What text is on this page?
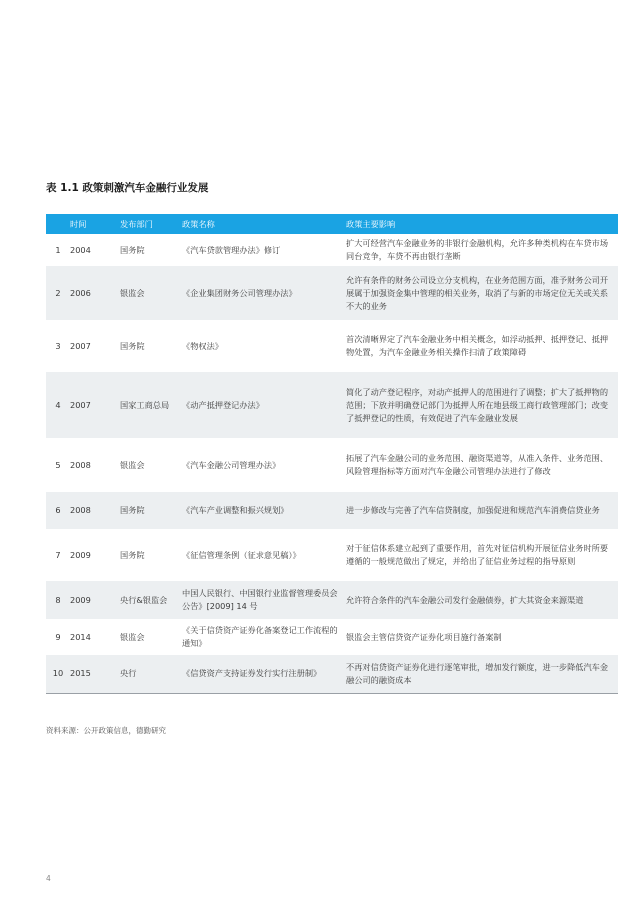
表 1.1 政策刺激汽车金融行业发展
	时间	发布部门	政策名称	政策主要影响
1	2004	国务院	《汽车贷款管理办法》修订	扩大可经营汽车金融业务的非银行金融机构，允许多种类机构在车贷市场同台竞争，车贷不再由银行垄断
2	2006	银监会	《企业集团财务公司管理办法》	允许有条件的财务公司设立分支机构，在业务范围方面，准予财务公司开展属于加强资金集中管理的相关业务，取消了与新的市场定位无关或关系不大的业务
3	2007	国务院	《物权法》	首次清晰界定了汽车金融业务中相关概念，如浮动抵押、抵押登记、抵押物处置，为汽车金融业务相关操作扫清了政策障碍
4	2007	国家工商总局	《动产抵押登记办法》	简化了动产登记程序，对动产抵押人的范围进行了调整；扩大了抵押物的范围；下放并明确登记部门为抵押人所在地县级工商行政管理部门；改变了抵押登记的性质，有效促进了汽车金融业发展
5	2008	银监会	《汽车金融公司管理办法》	拓展了汽车金融公司的业务范围、融资渠道等，从准入条件、业务范围、风险管理指标等方面对汽车金融公司管理办法进行了修改
6	2008	国务院	《汽车产业调整和振兴规划》	进一步修改与完善了汽车信贷制度，加强促进和规范汽车消费信贷业务
7	2009	国务院	《征信管理条例（征求意见稿）》	对于征信体系建立起到了重要作用，首先对征信机构开展征信业务时所要遵循的一般规范做出了规定，并给出了征信业务过程的指导原则
8	2009	央行&银监会	中国人民银行、中国银行业监督管理委员会公告》[2009] 14 号	允许符合条件的汽车金融公司发行金融债券，扩大其资金来源渠道
9	2014	银监会	《关于信贷资产证券化备案登记工作流程的通知》	银监会主管信贷资产证券化项目施行备案制
10	2015	央行	《信贷资产支持证券发行实行注册制》	不再对信贷资产证券化进行逐笔审批，增加发行额度，进一步降低汽车金融公司的融资成本
资料来源：公开政策信息，德勤研究
4
